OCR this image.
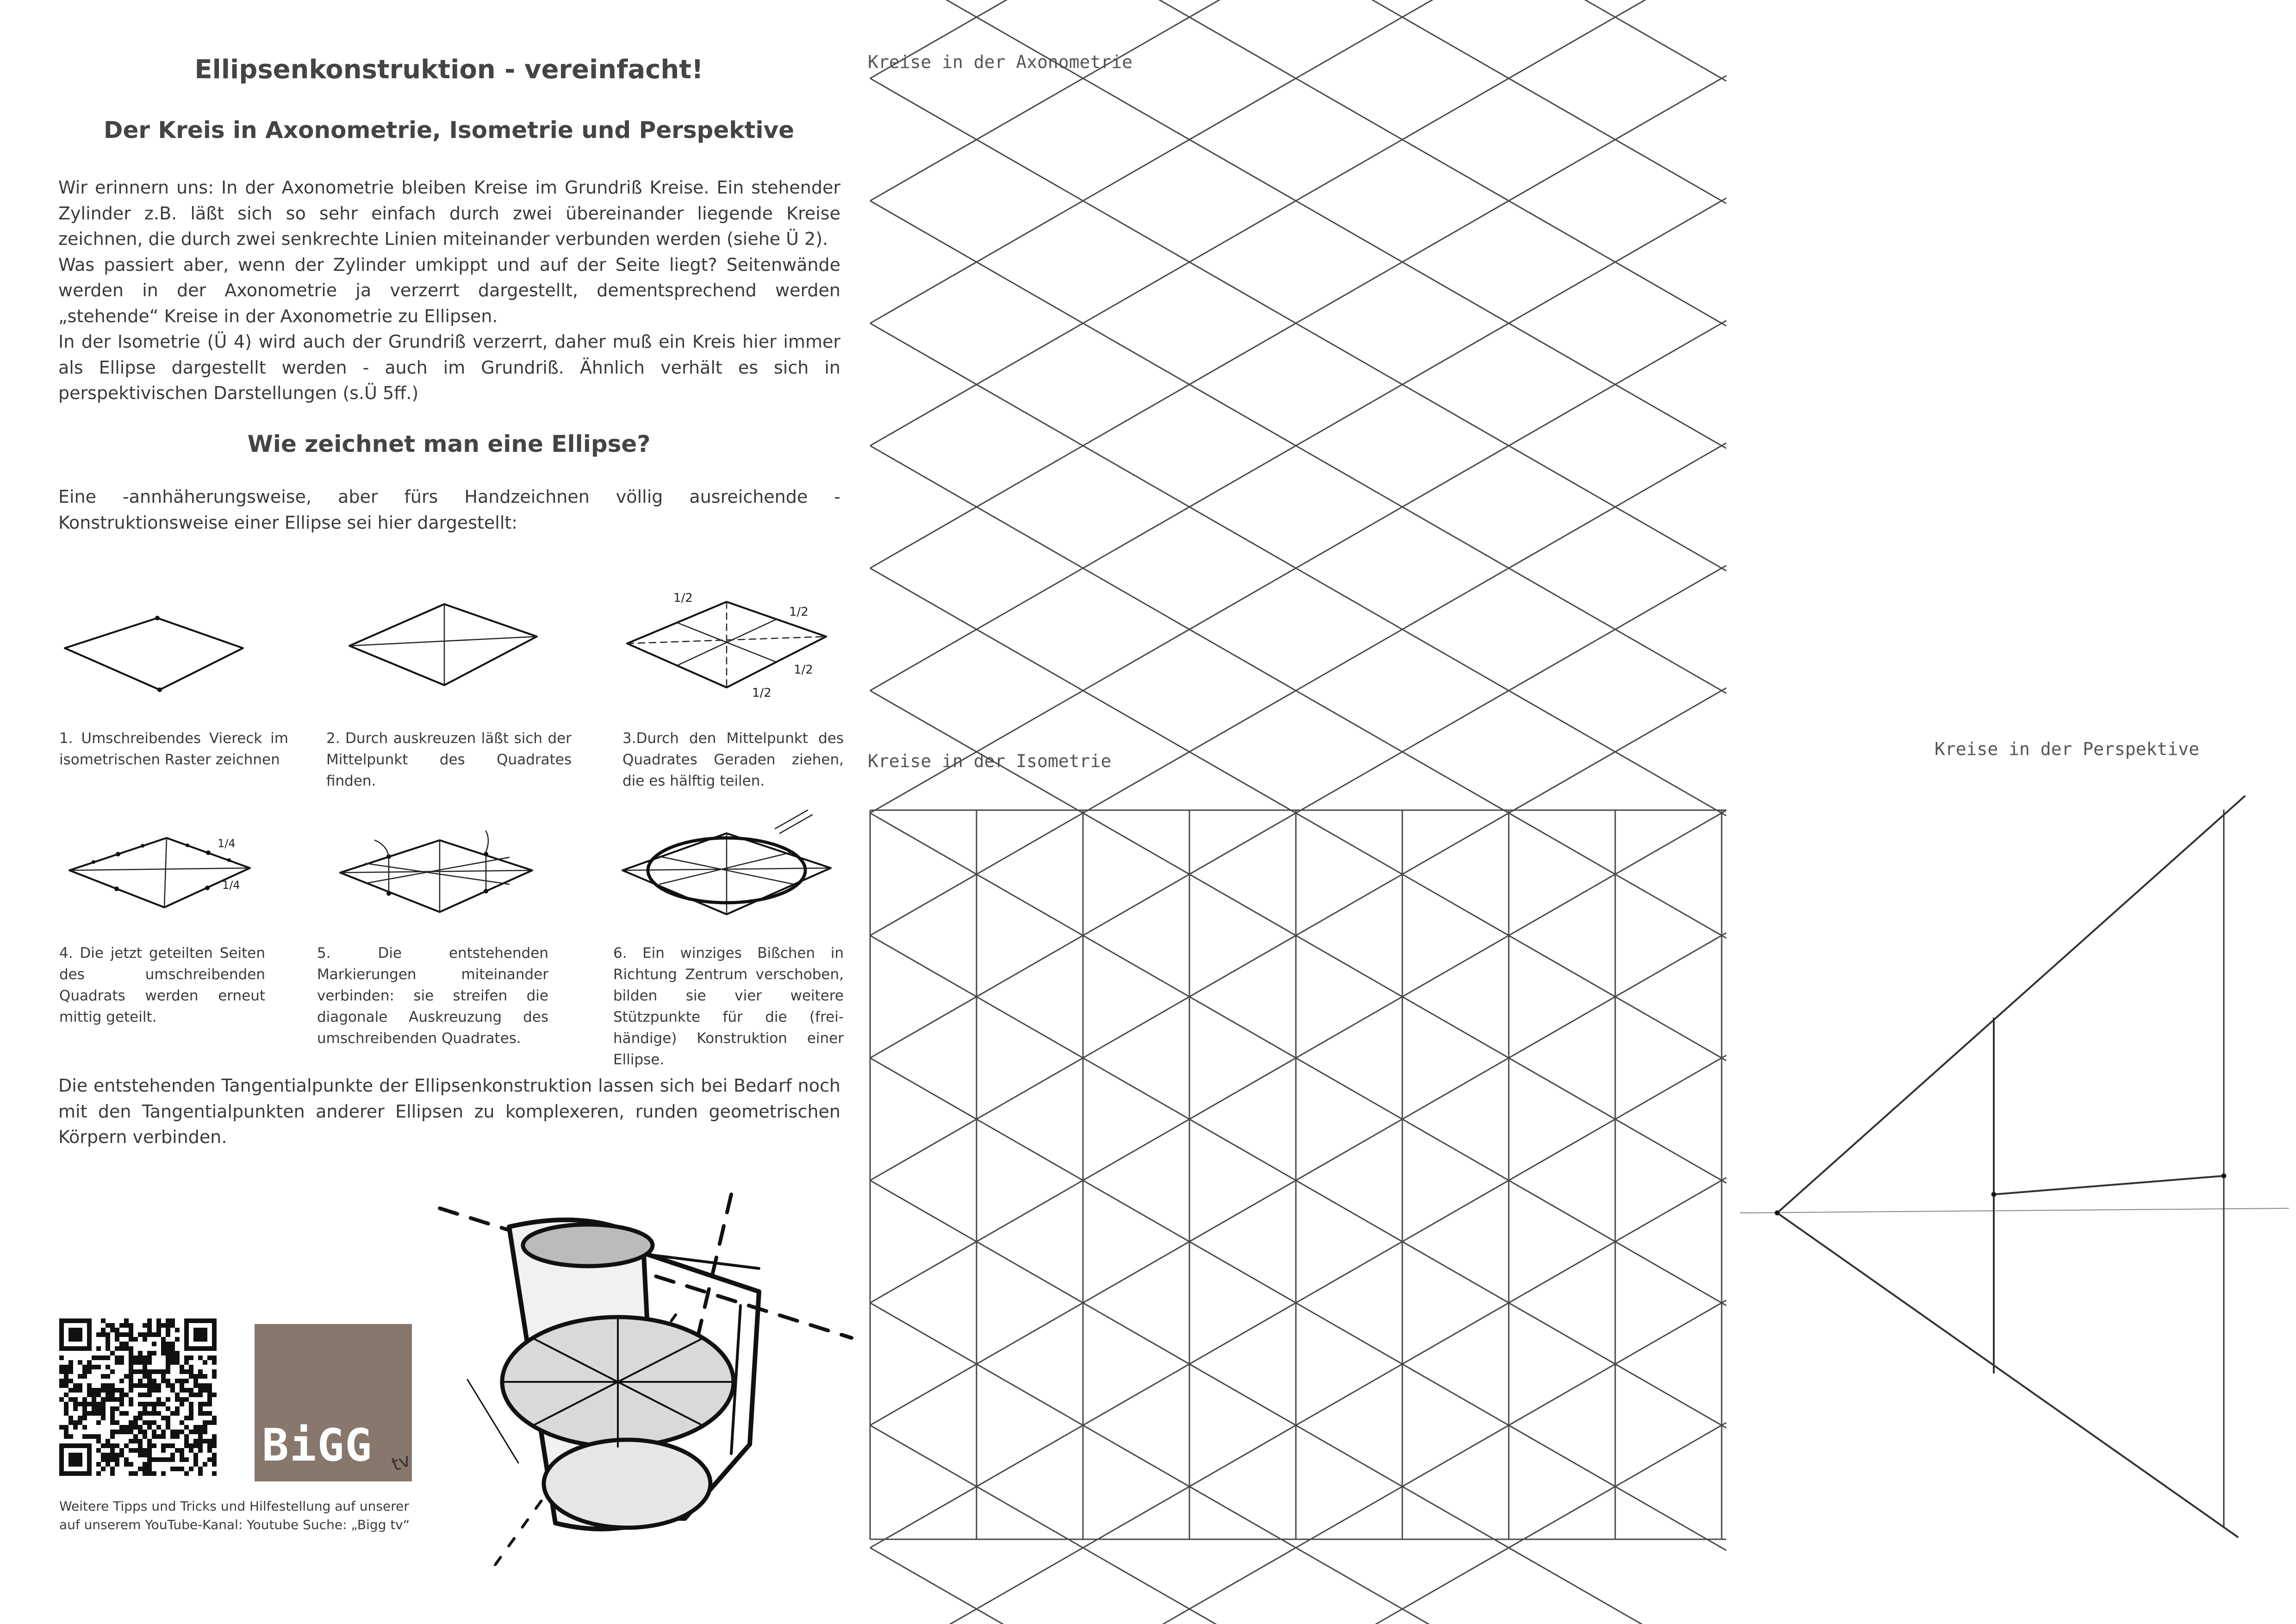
Ellipsenkonstruktion - vereinfacht!
Der Kreis in Axonometrie, Isometrie und Perspektive

Wir erinnern uns: In der Axonometrie bleiben Kreise im Grundriß Kreise. Ein stehender Zylinder z.B. läßt sich so sehr einfach durch zwei übereinander liegende Kreise zeichnen, die durch zwei senkrechte Linien miteinander verbunden werden (siehe Ü 2).

Was passiert aber, wenn der Zylinder umkippt und auf der Seite liegt? Seitenwände werden in der Axonometrie ja verzerrt dargestellt, dementsprechend werden „stehende“ Kreise in der Axonometrie zu Ellipsen.

In der Isometrie (Ü 4) wird auch der Grundriß verzerrt, daher muß ein Kreis hier immer als Ellipse dargestellt werden - auch im Grundriß. Ähnlich verhält es sich in perspektivischen Darstellungen (s.Ü 5ff.)

Wie zeichnet man eine Ellipse?
Eine -annhäherungsweise, aber fürs Handzeichnen völlig ausreichende - Konstruktionsweise einer Ellipse sei hier dargestellt:
1/2
1/2
1/2
1/2
1. Umschreibendes Viereck im isometrischen Raster zeichnen
2. Durch auskreuzen läßt sich der Mittelpunkt des Quadrates finden.
3.Durch den Mittelpunkt des Quadrates Geraden ziehen, die es hälftig teilen.
1/4
1/4
4. Die jetzt geteilten Seiten des umschreibenden Quadrats werden erneut mittig geteilt.
5. Die entstehenden Markierungen miteinander verbinden: sie streifen die diagonale Auskreuzung des umschreibenden Quadrates.
6. Ein winziges Bißchen in Richtung Zentrum verschoben, bilden sie vier weitere Stützpunkte für die (frei-händige) Konstruktion einer Ellipse.
Die entstehenden Tangentialpunkte der Ellipsenkonstruktion lassen sich bei Bedarf noch mit den Tangentialpunkten anderer Ellipsen zu komplexeren, runden geometrischen Körpern verbinden.
BiGG tv
Weitere Tipps und Tricks und Hilfestellung auf unserer
auf unserem YouTube-Kanal: Youtube Suche: „Bigg tv“
Kreise in der Axonometrie
Kreise in der Isometrie
Kreise in der Perspektive
